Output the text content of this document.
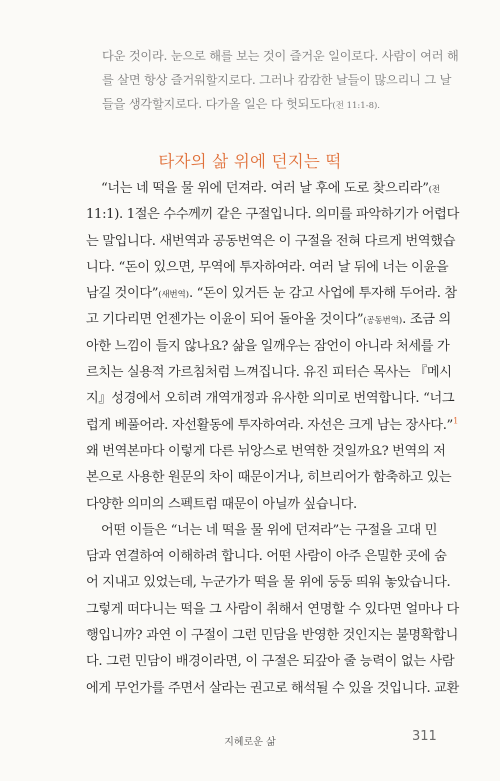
다운 것이라. 눈으로 해를 보는 것이 즐거운 일이로다. 사람이 여러 해
를 살면 항상 즐거워할지로다. 그러나 캄캄한 날들이 많으리니 그 날
들을 생각할지로다. 다가올 일은 다 헛되도다(전 11:1-8).
타자의 삶 위에 던지는 떡
“너는 네 떡을 물 위에 던져라. 여러 날 후에 도로 찾으리라”(전
11:1). 1절은 수수께끼 같은 구절입니다. 의미를 파악하기가 어렵다
는 말입니다. 새번역과 공동번역은 이 구절을 전혀 다르게 번역했습
니다. “돈이 있으면, 무역에 투자하여라. 여러 날 뒤에 너는 이윤을
남길 것이다”(새번역). “돈이 있거든 눈 감고 사업에 투자해 두어라. 참
고 기다리면 언젠가는 이윤이 되어 돌아올 것이다”(공동번역). 조금 의
아한 느낌이 들지 않나요? 삶을 일깨우는 잠언이 아니라 처세를 가
르치는 실용적 가르침처럼 느껴집니다. 유진 피터슨 목사는 『메시
지』성경에서 오히려 개역개정과 유사한 의미로 번역합니다. “너그
럽게 베풀어라. 자선활동에 투자하여라. 자선은 크게 남는 장사다.”$^1$
왜 번역본마다 이렇게 다른 뉘앙스로 번역한 것일까요? 번역의 저
본으로 사용한 원문의 차이 때문이거나, 히브리어가 함축하고 있는
다양한 의미의 스펙트럼 때문이 아닐까 싶습니다.
어떤 이들은 “너는 네 떡을 물 위에 던져라”는 구절을 고대 민
담과 연결하여 이해하려 합니다. 어떤 사람이 아주 은밀한 곳에 숨
어 지내고 있었는데, 누군가가 떡을 물 위에 둥둥 띄워 놓았습니다.
그렇게 떠다니는 떡을 그 사람이 취해서 연명할 수 있다면 얼마나 다
행입니까? 과연 이 구절이 그런 민담을 반영한 것인지는 불명확합니
다. 그런 민담이 배경이라면, 이 구절은 되갚아 줄 능력이 없는 사람
에게 무언가를 주면서 살라는 권고로 해석될 수 있을 것입니다. 교환
지혜로운 삶	311
